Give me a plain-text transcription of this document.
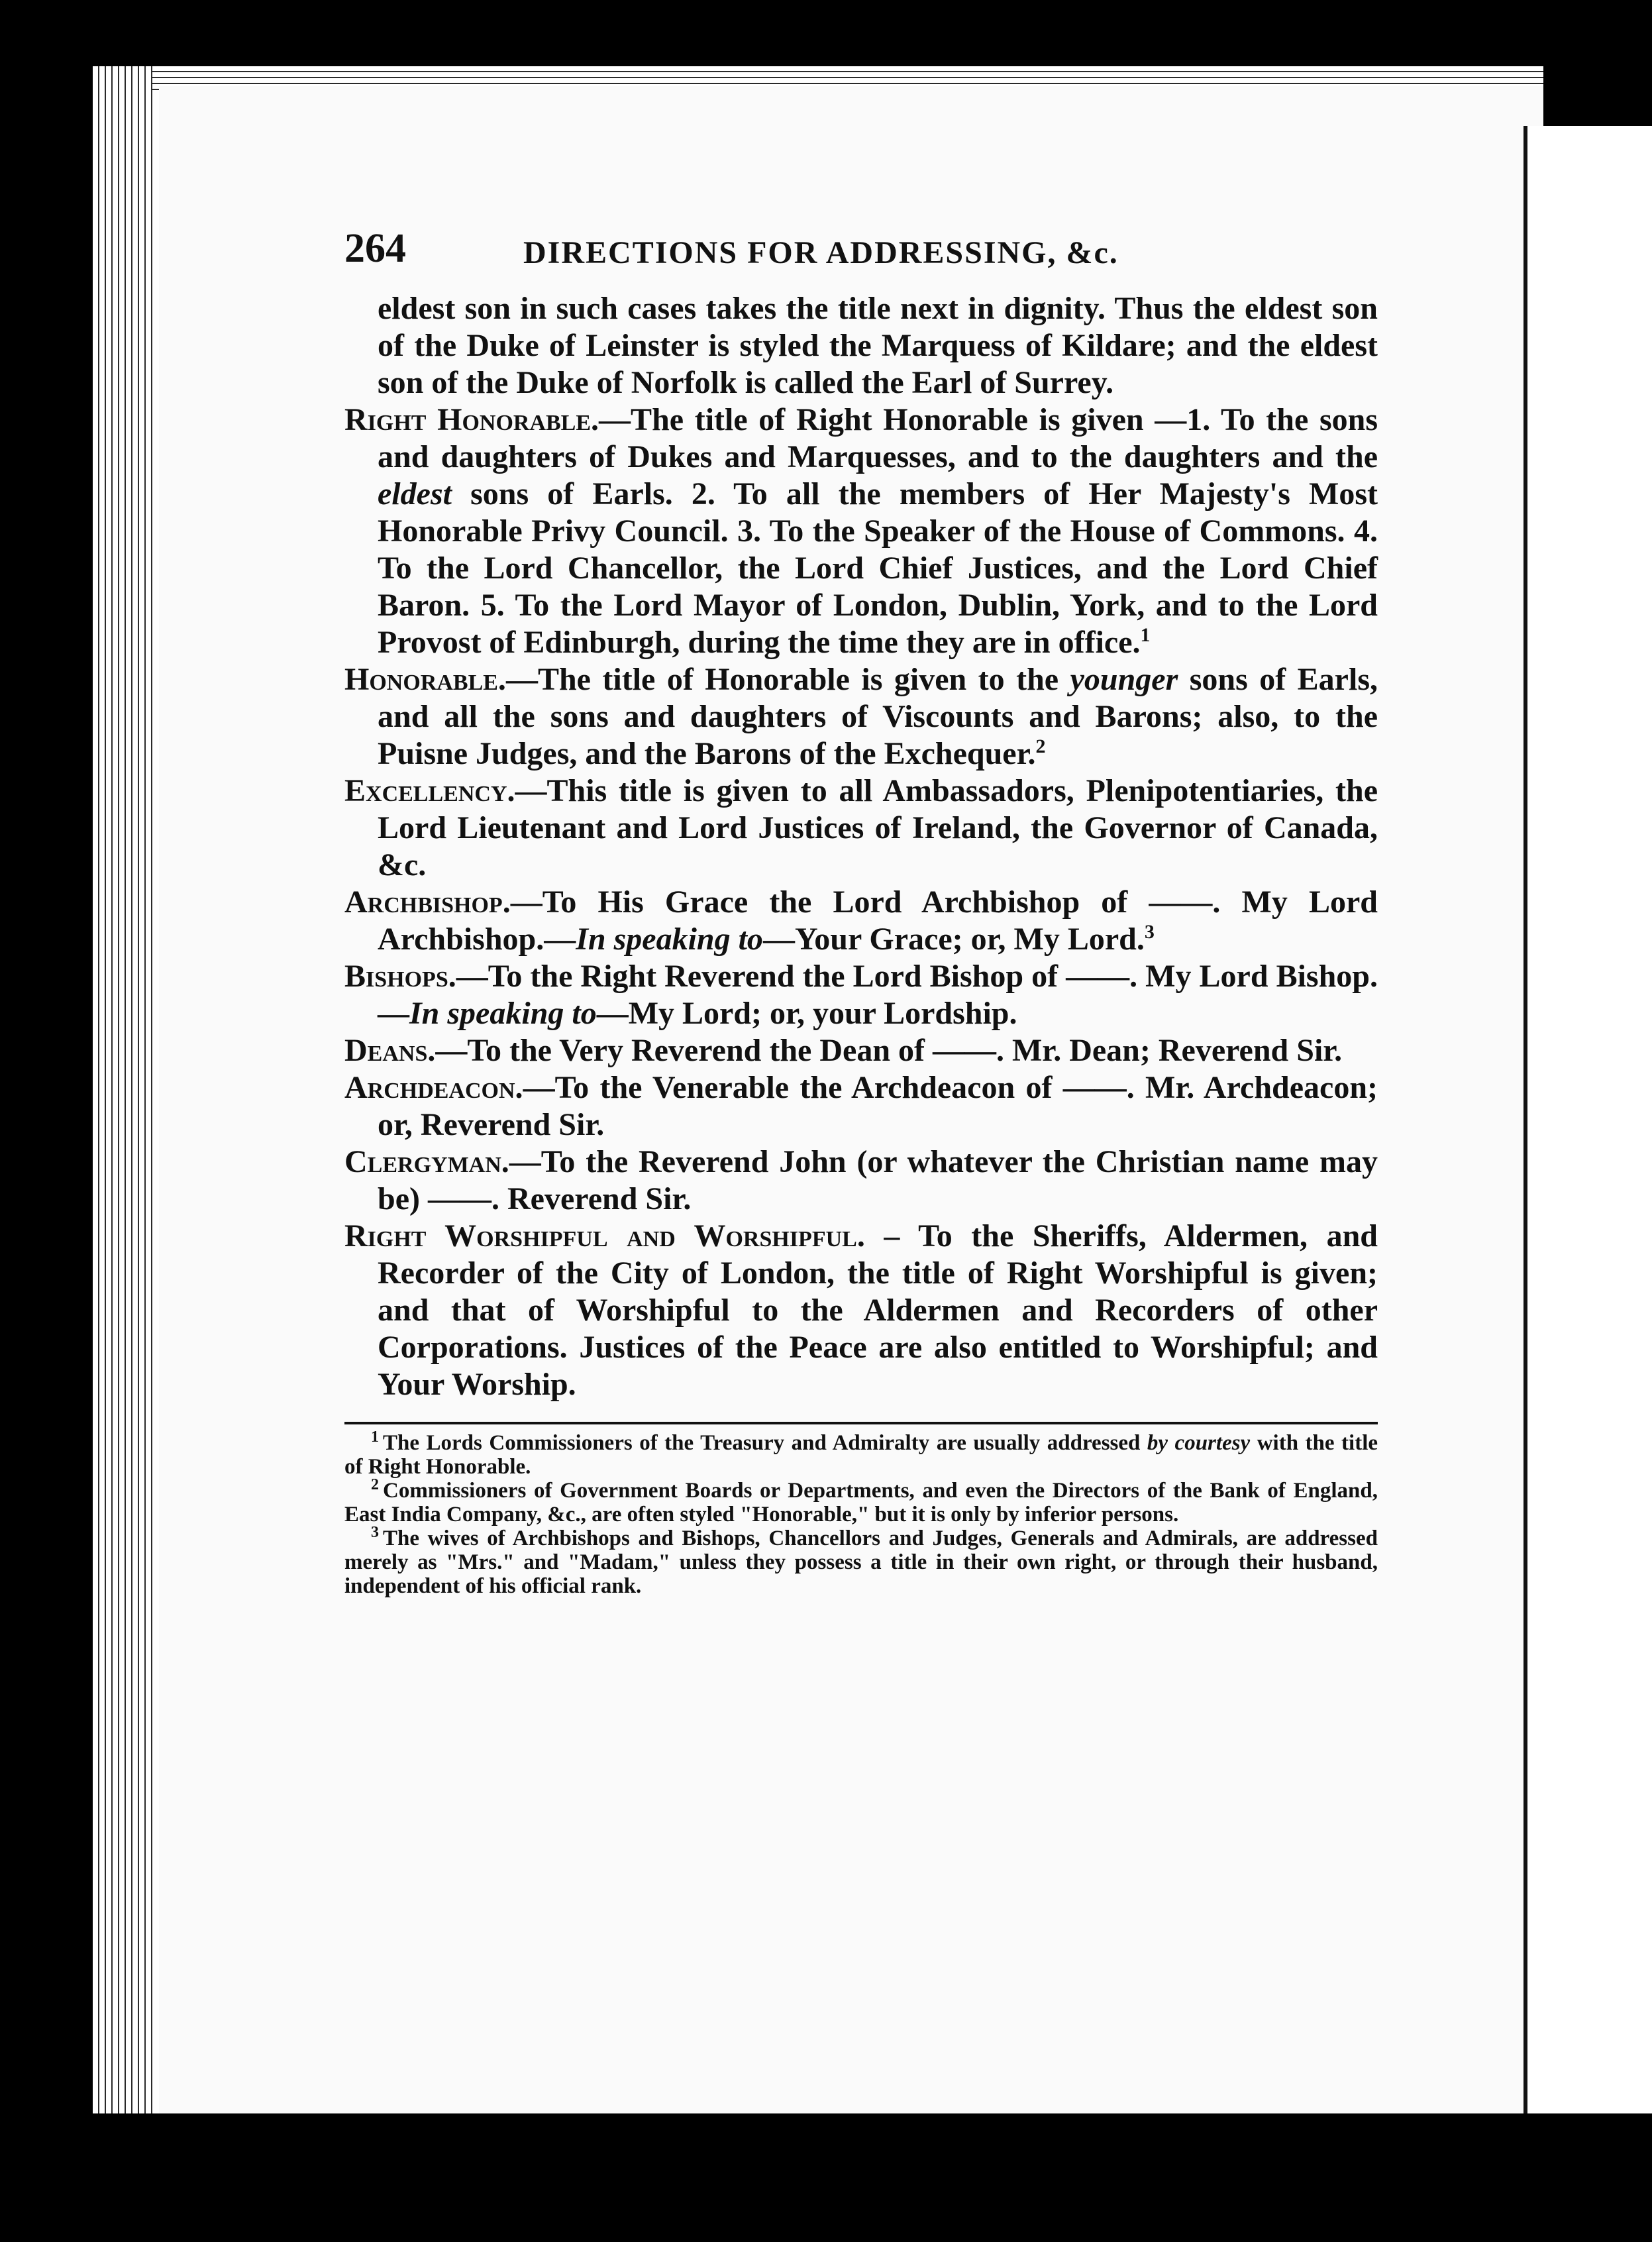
264	DIRECTIONS FOR ADDRESSING, &c.

eldest son in such cases takes the title next in dignity. Thus the eldest son of the Duke of Leinster is styled the Marquess of Kildare; and the eldest son of the Duke of Norfolk is called the Earl of Surrey.

Right Honorable.—The title of Right Honorable is given —1. To the sons and daughters of Dukes and Marquesses, and to the daughters and the eldest sons of Earls. 2. To all the members of Her Majesty's Most Honorable Privy Council. 3. To the Speaker of the House of Commons. 4. To the Lord Chancellor, the Lord Chief Justices, and the Lord Chief Baron. 5. To the Lord Mayor of London, Dublin, York, and to the Lord Provost of Edinburgh, during the time they are in office.$^1$

Honorable.—The title of Honorable is given to the younger sons of Earls, and all the sons and daughters of Viscounts and Barons; also, to the Puisne Judges, and the Barons of the Exchequer.$^2$

Excellency.—This title is given to all Ambassadors, Plenipotentiaries, the Lord Lieutenant and Lord Justices of Ireland, the Governor of Canada, &c.

Archbishop.—To His Grace the Lord Archbishop of ——. My Lord Archbishop.—In speaking to—Your Grace; or, My Lord.$^3$

Bishops.—To the Right Reverend the Lord Bishop of ——. My Lord Bishop.—In speaking to—My Lord; or, your Lordship.

Deans.—To the Very Reverend the Dean of ——. Mr. Dean; Reverend Sir.

Archdeacon.—To the Venerable the Archdeacon of ——. Mr. Archdeacon; or, Reverend Sir.

Clergyman.—To the Reverend John (or whatever the Christian name may be) ——. Reverend Sir.

Right Worshipful and Worshipful. – To the Sheriffs, Aldermen, and Recorder of the City of London, the title of Right Worshipful is given; and that of Worshipful to the Aldermen and Recorders of other Corporations. Justices of the Peace are also entitled to Worshipful; and Your Worship.

$^1$ The Lords Commissioners of the Treasury and Admiralty are usually addressed by courtesy with the title of Right Honorable.

$^2$ Commissioners of Government Boards or Departments, and even the Directors of the Bank of England, East India Company, &c., are often styled "Honorable," but it is only by inferior persons.

$^3$ The wives of Archbishops and Bishops, Chancellors and Judges, Generals and Admirals, are addressed merely as "Mrs." and "Madam," unless they possess a title in their own right, or through their husband, independent of his official rank.
